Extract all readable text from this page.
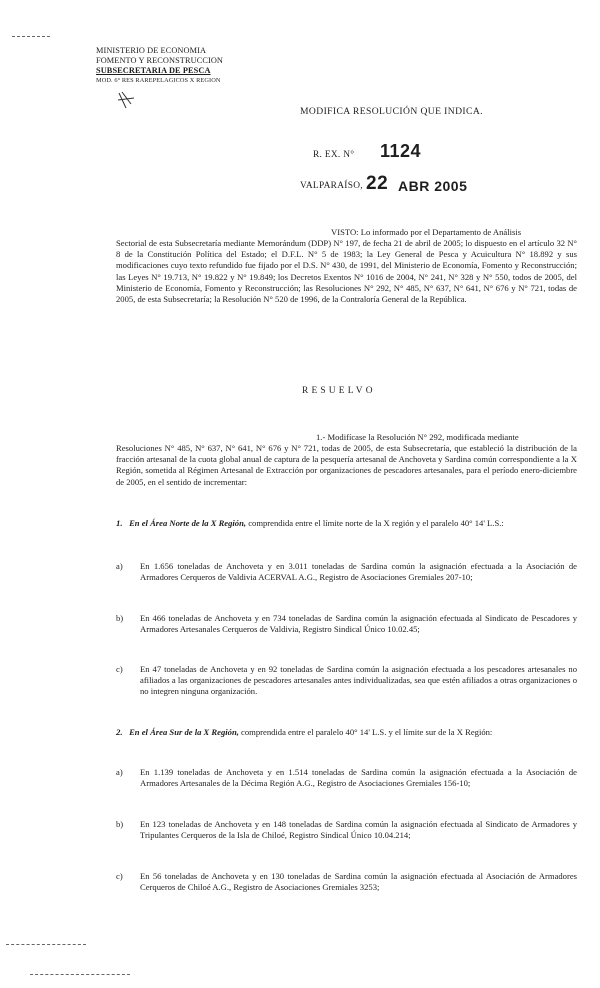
MINISTERIO DE ECONOMIA
FOMENTO Y RECONSTRUCCION
SUBSECRETARIA DE PESCA
MOD. 6° RES RAREPELAGICOS X REGION
MODIFICA RESOLUCIÓN QUE INDICA.
R. EX. N° 1124
VALPARAÍSO, 22 ABR 2005
VISTO: Lo informado por el Departamento de Análisis
Sectorial de esta Subsecretaría mediante Memorándum (DDP) N° 197, de fecha 21 de abril de 2005; lo dispuesto en el artículo 32 N° 8 de la Constitución Política del Estado; el D.F.L. N° 5 de 1983; la Ley General de Pesca y Acuicultura N° 18.892 y sus modificaciones cuyo texto refundido fue fijado por el D.S. N° 430, de 1991, del Ministerio de Economía, Fomento y Reconstrucción; las Leyes N° 19.713, N° 19.822 y N° 19.849; los Decretos Exentos N° 1016 de 2004, N° 241, N° 328 y N° 550, todos de 2005, del Ministerio de Economía, Fomento y Reconstrucción; las Resoluciones N° 292, N° 485, N° 637, N° 641, N° 676 y N° 721, todas de 2005, de esta Subsecretaría; la Resolución N° 520 de 1996, de la Contraloría General de la República.
RESUELVO
1.- Modifícase la Resolución N° 292, modificada mediante
Resoluciones N° 485, N° 637, N° 641, N° 676 y N° 721, todas de 2005, de esta Subsecretaría, que estableció la distribución de la fracción artesanal de la cuota global anual de captura de la pesquería artesanal de Anchoveta y Sardina común correspondiente a la X Región, sometida al Régimen Artesanal de Extracción por organizaciones de pescadores artesanales, para el período enero-diciembre de 2005, en el sentido de incrementar:
1. En el Área Norte de la X Región, comprendida entre el límite norte de la X región y el paralelo 40° 14' L.S.:
a) En 1.656 toneladas de Anchoveta y en 3.011 toneladas de Sardina común la asignación efectuada a la Asociación de Armadores Cerqueros de Valdivia ACERVAL A.G., Registro de Asociaciones Gremiales 207-10;
b) En 466 toneladas de Anchoveta y en 734 toneladas de Sardina común la asignación efectuada al Sindicato de Pescadores y Armadores Artesanales Cerqueros de Valdivia, Registro Sindical Único 10.02.45;
c) En 47 toneladas de Anchoveta y en 92 toneladas de Sardina común la asignación efectuada a los pescadores artesanales no afiliados a las organizaciones de pescadores artesanales antes individualizadas, sea que estén afiliados a otras organizaciones o no integren ninguna organización.
2. En el Área Sur de la X Región, comprendida entre el paralelo 40° 14' L.S. y el límite sur de la X Región:
a) En 1.139 toneladas de Anchoveta y en 1.514 toneladas de Sardina común la asignación efectuada a la Asociación de Armadores Artesanales de la Décima Región A.G., Registro de Asociaciones Gremiales 156-10;
b) En 123 toneladas de Anchoveta y en 148 toneladas de Sardina común la asignación efectuada al Sindicato de Armadores y Tripulantes Cerqueros de la Isla de Chiloé, Registro Sindical Único 10.04.214;
c) En 56 toneladas de Anchoveta y en 130 toneladas de Sardina común la asignación efectuada al Asociación de Armadores Cerqueros de Chiloé A.G., Registro de Asociaciones Gremiales 3253;
